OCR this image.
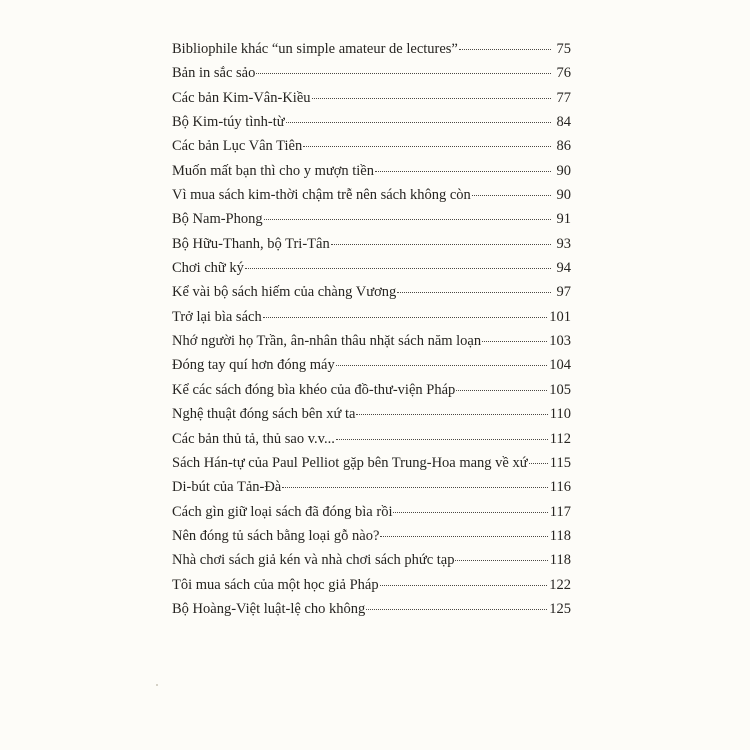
Bibliophile khác “un simple amateur de lectures”	75
Bản in sắc sảo	76
Các bản Kim-Vân-Kiều	77
Bộ Kim-túy tình-từ	84
Các bản Lục Vân Tiên	86
Muốn mất bạn thì cho y mượn tiền	90
Vì mua sách kim-thời chậm trễ nên sách không còn	90
Bộ Nam-Phong	91
Bộ Hữu-Thanh, bộ Tri-Tân	93
Chơi chữ ký	94
Kể vài bộ sách hiếm của chàng Vương	97
Trở lại bìa sách	101
Nhớ người họ Trần, ân-nhân thâu nhặt sách năm loạn	103
Đóng tay quí hơn đóng máy	104
Kể các sách đóng bìa khéo của đồ-thư-viện Pháp	105
Nghệ thuật đóng sách bên xứ ta	110
Các bản thủ tả, thủ sao v.v...	112
Sách Hán-tự của Paul Pelliot gặp bên Trung-Hoa mang về xứ 115
Di-bút của Tản-Đà	116
Cách gìn giữ loại sách đã đóng bìa rồi	117
Nên đóng tủ sách bằng loại gỗ nào?	118
Nhà chơi sách giả kén và nhà chơi sách phức tạp	118
Tôi mua sách của một học giả Pháp	122
Bộ Hoàng-Việt luật-lệ cho không	125
